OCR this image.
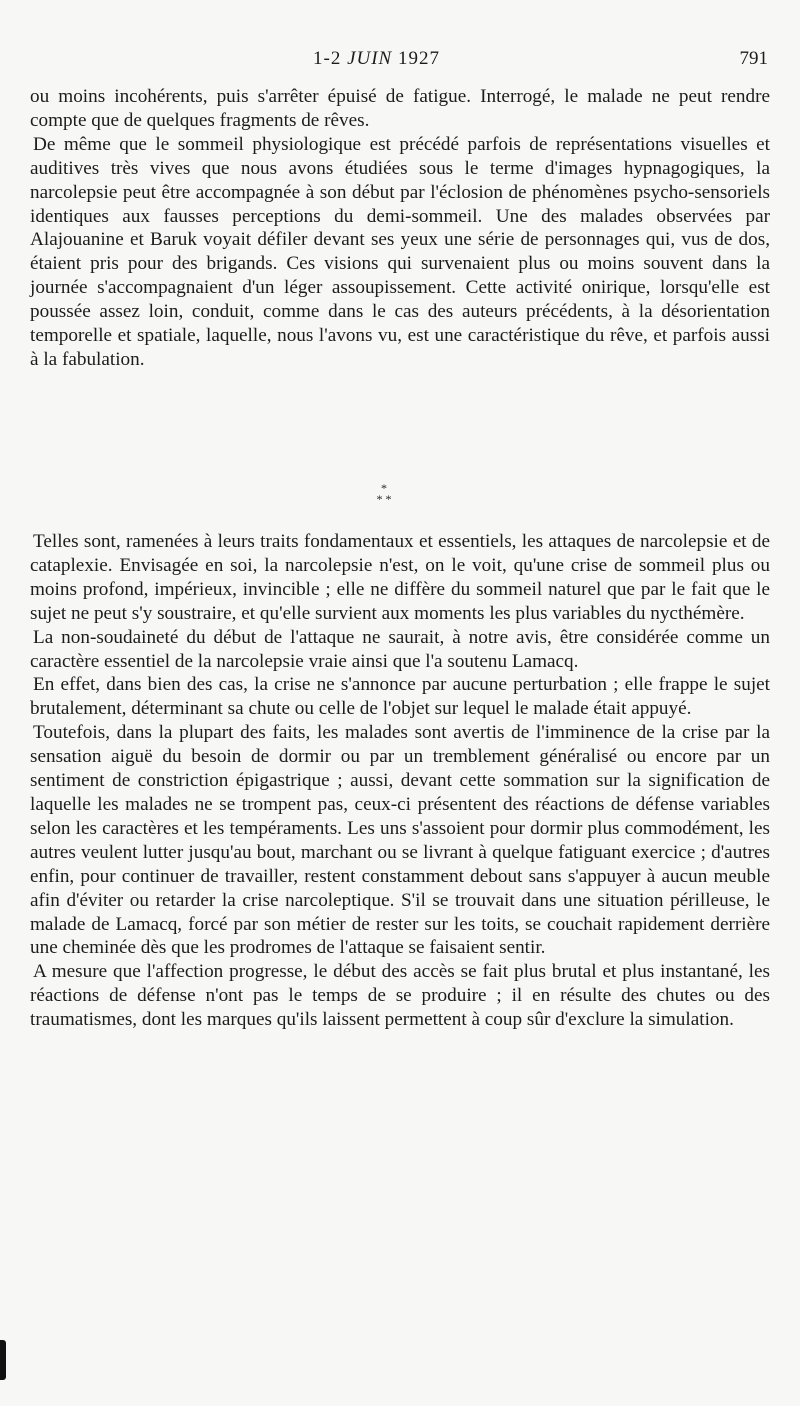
1-2 JUIN 1927	791

ou moins incohérents, puis s'arrêter épuisé de fatigue. Interrogé, le malade ne peut rendre compte que de quelques fragments de rêves.

De même que le sommeil physiologique est précédé parfois de représentations visuelles et auditives très vives que nous avons étudiées sous le terme d'images hypnagogiques, la narcolepsie peut être accompagnée à son début par l'éclosion de phénomènes psycho-sensoriels identiques aux fausses perceptions du demi-sommeil. Une des malades observées par Alajouanine et Baruk voyait défiler devant ses yeux une série de personnages qui, vus de dos, étaient pris pour des brigands. Ces visions qui survenaient plus ou moins souvent dans la journée s'accompagnaient d'un léger assoupissement. Cette activité onirique, lorsqu'elle est poussée assez loin, conduit, comme dans le cas des auteurs précédents, à la désorientation temporelle et spatiale, laquelle, nous l'avons vu, est une caractéristique du rêve, et parfois aussi à la fabulation.

*
* *

Telles sont, ramenées à leurs traits fondamentaux et essentiels, les attaques de narcolepsie et de cataplexie. Envisagée en soi, la narcolepsie n'est, on le voit, qu'une crise de sommeil plus ou moins profond, impérieux, invincible ; elle ne diffère du sommeil naturel que par le fait que le sujet ne peut s'y soustraire, et qu'elle survient aux moments les plus variables du nycthémère.

La non-soudaineté du début de l'attaque ne saurait, à notre avis, être considérée comme un caractère essentiel de la narcolepsie vraie ainsi que l'a soutenu Lamacq.

En effet, dans bien des cas, la crise ne s'annonce par aucune perturbation ; elle frappe le sujet brutalement, déterminant sa chute ou celle de l'objet sur lequel le malade était appuyé.

Toutefois, dans la plupart des faits, les malades sont avertis de l'imminence de la crise par la sensation aiguë du besoin de dormir ou par un tremblement généralisé ou encore par un sentiment de constriction épigastrique ; aussi, devant cette sommation sur la signification de laquelle les malades ne se trompent pas, ceux-ci présentent des réactions de défense variables selon les caractères et les tempéraments. Les uns s'assoient pour dormir plus commodément, les autres veulent lutter jusqu'au bout, marchant ou se livrant à quelque fatiguant exercice ; d'autres enfin, pour continuer de travailler, restent constamment debout sans s'appuyer à aucun meuble afin d'éviter ou retarder la crise narcoleptique. S'il se trouvait dans une situation périlleuse, le malade de Lamacq, forcé par son métier de rester sur les toits, se couchait rapidement derrière une cheminée dès que les prodromes de l'attaque se faisaient sentir.

A mesure que l'affection progresse, le début des accès se fait plus brutal et plus instantané, les réactions de défense n'ont pas le temps de se produire ; il en résulte des chutes ou des traumatismes, dont les marques qu'ils laissent permettent à coup sûr d'exclure la simulation.
